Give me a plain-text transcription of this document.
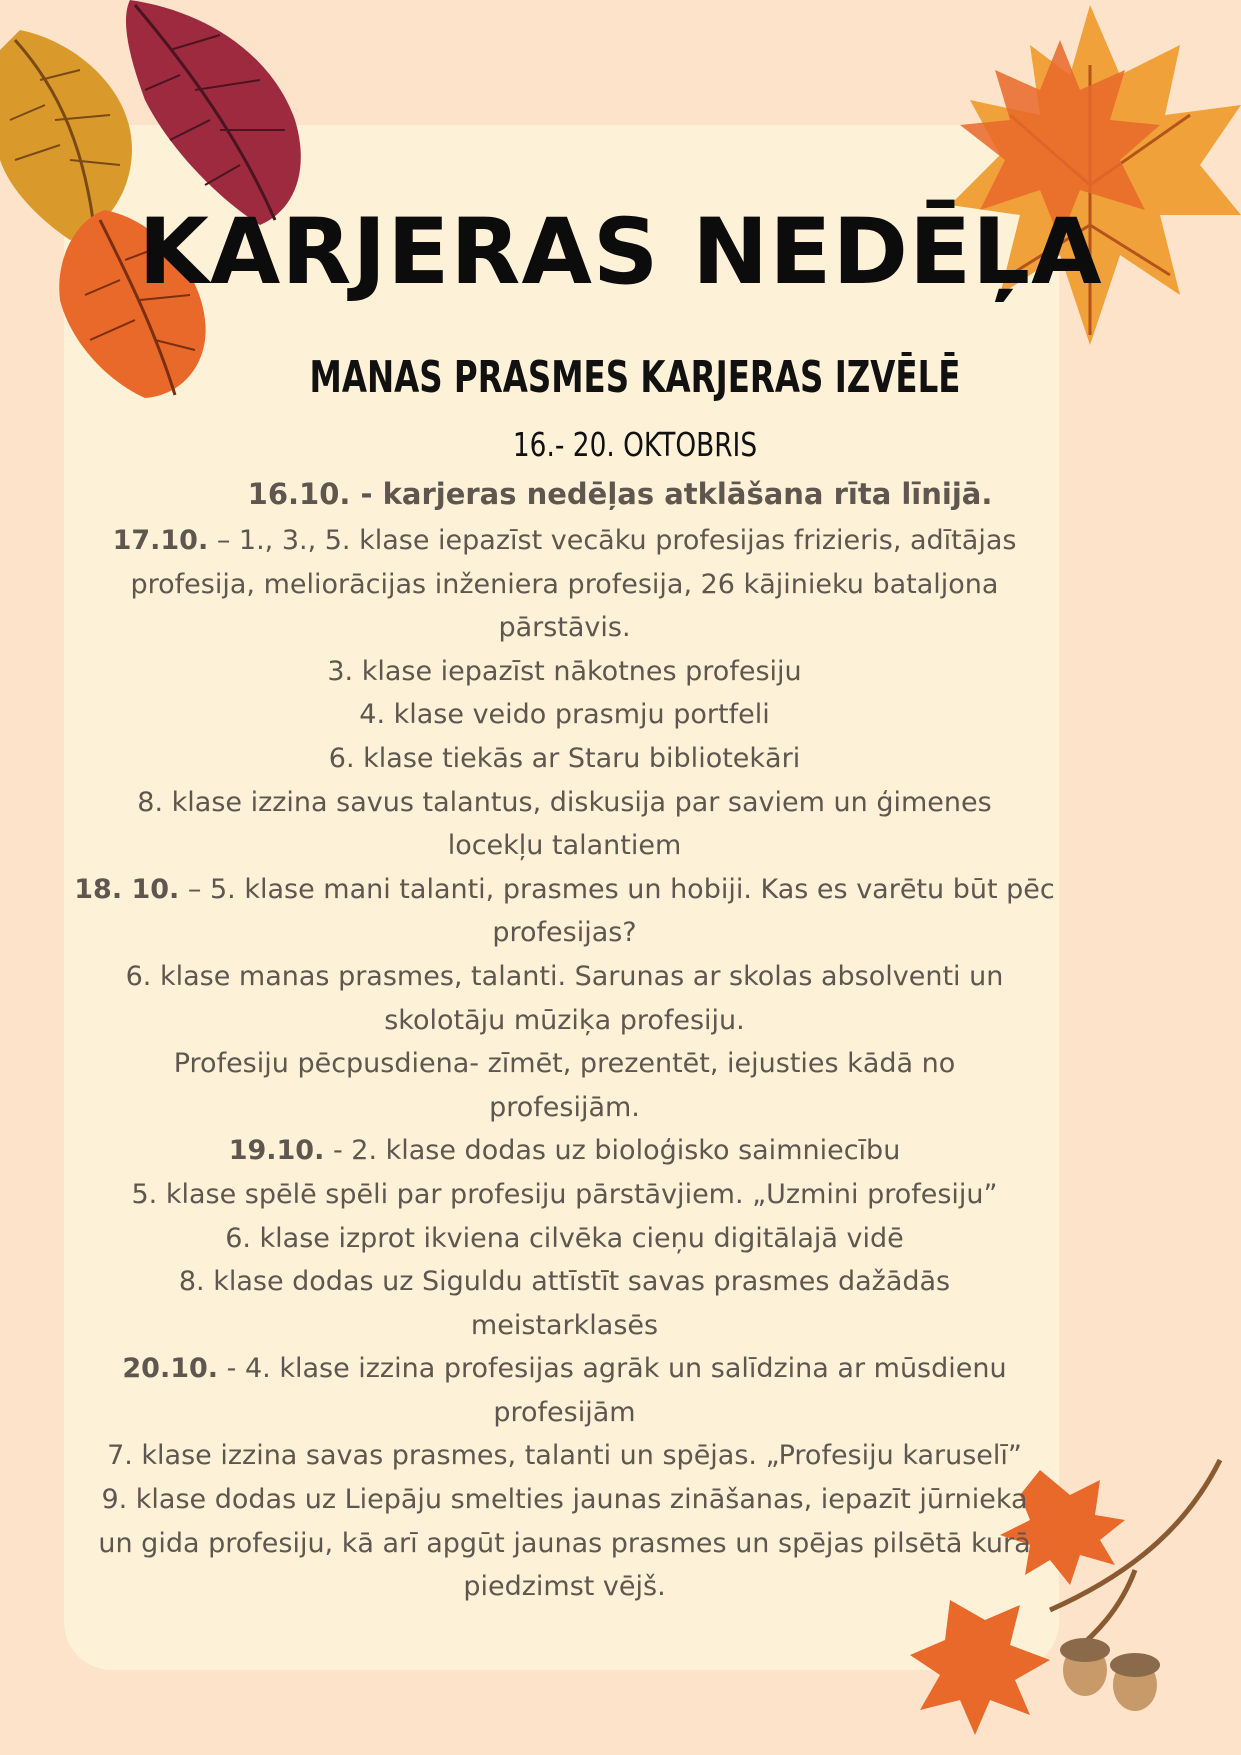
KARJERAS NEDĒĻA
MANAS PRASMES KARJERAS IZVĒLĒ
16.- 20. OKTOBRIS
16.10. - karjeras nedēļas atklāšana rīta līnijā.

17.10. – 1., 3., 5. klase iepazīst vecāku profesijas frizieris, adītājas profesija, meliorācijas inženiera profesija, 26 kājinieku bataljona pārstāvis.

3. klase iepazīst nākotnes profesiju

4. klase veido prasmju portfeli

6. klase tiekās ar Staru bibliotekāri

8. klase izzina savus talantus, diskusija par saviem un ģimenes locekļu talantiem

18. 10. – 5. klase mani talanti, prasmes un hobiji. Kas es varētu būt pēc profesijas?

6. klase manas prasmes, talanti. Sarunas ar skolas absolventi un skolotāju mūziķa profesiju.

Profesiju pēcpusdiena- zīmēt, prezentēt, iejusties kādā no profesijām.

19.10. - 2. klase dodas uz bioloģisko saimniecību

5. klase spēlē spēli par profesiju pārstāvjiem. „Uzmini profesiju”

6. klase izprot ikviena cilvēka cieņu digitālajā vidē

8. klase dodas uz Siguldu attīstīt savas prasmes dažādās meistarklasēs

20.10. - 4. klase izzina profesijas agrāk un salīdzina ar mūsdienu profesijām

7. klase izzina savas prasmes, talanti un spējas. „Profesiju karuselī”

9. klase dodas uz Liepāju smelties jaunas zināšanas, iepazīt jūrnieka un gida profesiju, kā arī apgūt jaunas prasmes un spējas pilsētā kurā piedzimst vējš.
